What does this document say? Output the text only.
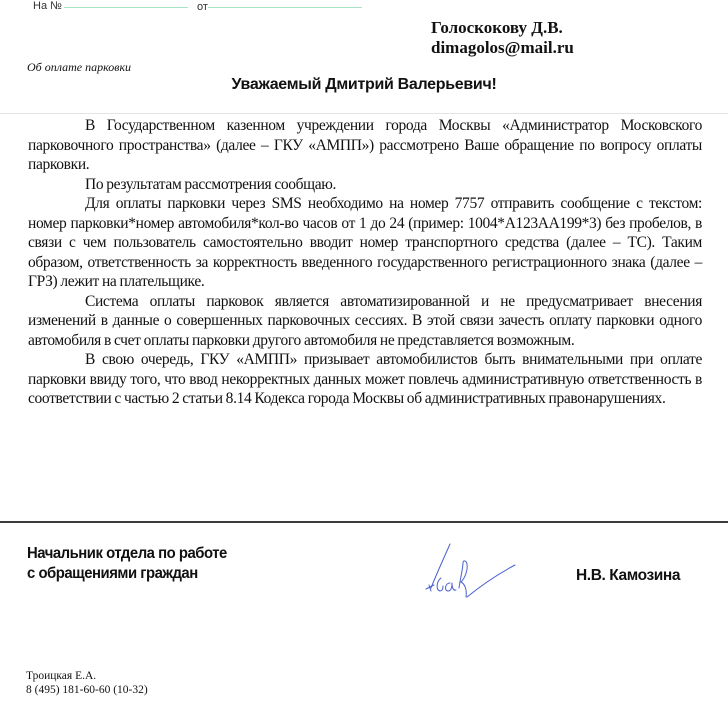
На №	от
Голоскокову Д.В.
dimagolos@mail.ru
Об оплате парковки
Уважаемый Дмитрий Валерьевич!

В Государственном казенном учреждении города Москвы «Администратор Московского парковочного пространства» (далее – ГКУ «АМПП») рассмотрено Ваше обращение по вопросу оплаты парковки.

По результатам рассмотрения сообщаю.

Для оплаты парковки через SMS необходимо на номер 7757 отправить сообщение с текстом: номер парковки*номер автомобиля*кол-во часов от 1 до 24 (пример: 1004*А123АА199*3) без пробелов, в связи с чем пользователь самостоятельно вводит номер транспортного средства (далее – ТС). Таким образом, ответственность за корректность введенного государственного регистрационного знака (далее – ГРЗ) лежит на плательщике.

Система оплаты парковок является автоматизированной и не предусматривает внесения изменений в данные о совершенных парковочных сессиях. В этой связи зачесть оплату парковки одного автомобиля в счет оплаты парковки другого автомобиля не представляется возможным.

В свою очередь, ГКУ «АМПП» призывает автомобилистов быть внимательными при оплате парковки ввиду того, что ввод некорректных данных может повлечь административную ответственность в соответствии с частью 2 статьи 8.14 Кодекса города Москвы об административных правонарушениях.

Начальник отдела по работе
с обращениями граждан	Н.В. Камозина
Троицкая Е.А.
8 (495) 181-60-60 (10-32)
